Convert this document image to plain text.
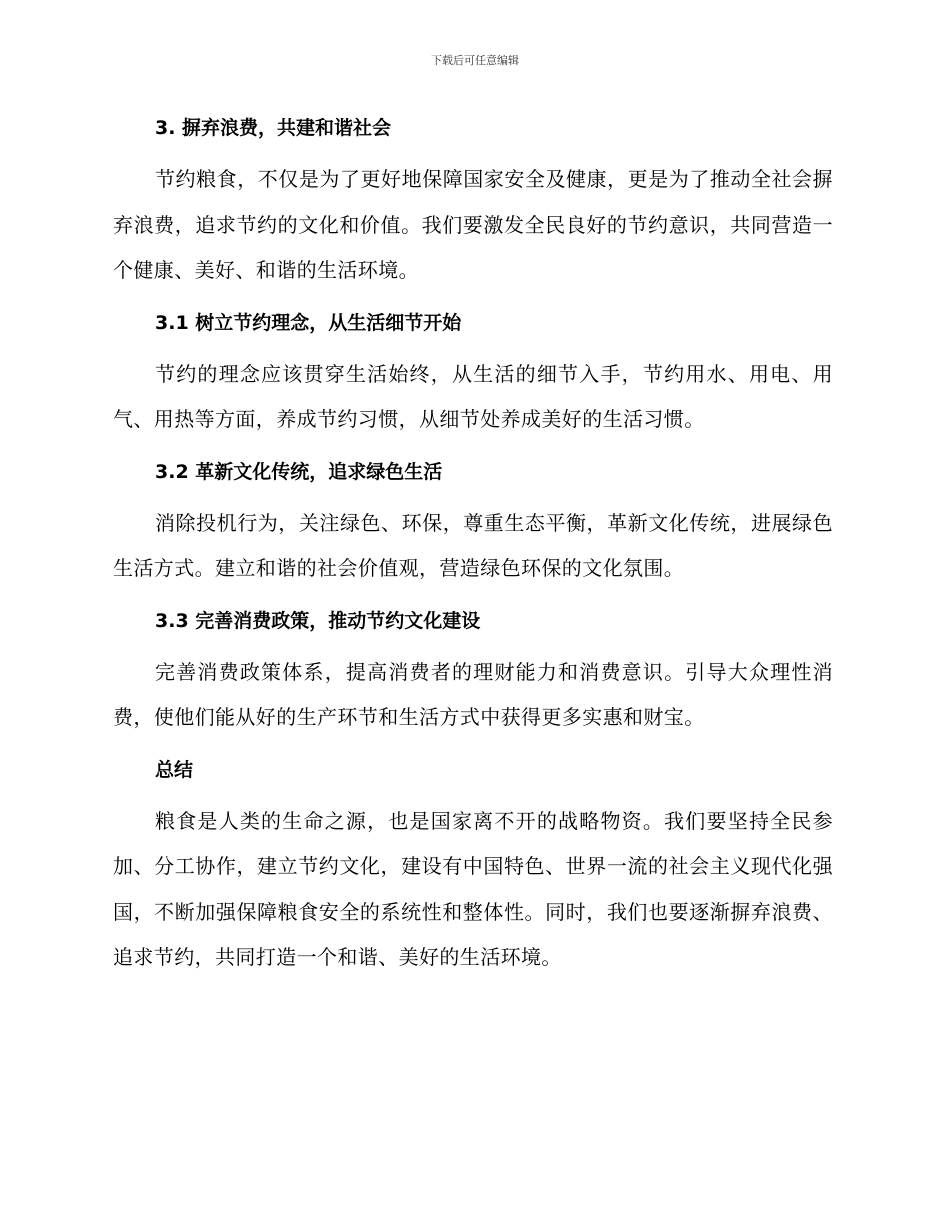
下载后可任意编辑
3. 摒弃浪费，共建和谐社会

节约粮食，不仅是为了更好地保障国家安全及健康，更是为了推动全社会摒弃浪费，追求节约的文化和价值。我们要激发全民良好的节约意识，共同营造一个健康、美好、和谐的生活环境。

3.1 树立节约理念，从生活细节开始

节约的理念应该贯穿生活始终，从生活的细节入手，节约用水、用电、用气、用热等方面，养成节约习惯，从细节处养成美好的生活习惯。

3.2 革新文化传统，追求绿色生活

消除投机行为，关注绿色、环保，尊重生态平衡，革新文化传统，进展绿色生活方式。建立和谐的社会价值观，营造绿色环保的文化氛围。

3.3 完善消费政策，推动节约文化建设

完善消费政策体系，提高消费者的理财能力和消费意识。引导大众理性消费，使他们能从好的生产环节和生活方式中获得更多实惠和财宝。

总结

粮食是人类的生命之源，也是国家离不开的战略物资。我们要坚持全民参加、分工协作，建立节约文化，建设有中国特色、世界一流的社会主义现代化强国，不断加强保障粮食安全的系统性和整体性。同时，我们也要逐渐摒弃浪费、追求节约，共同打造一个和谐、美好的生活环境。
